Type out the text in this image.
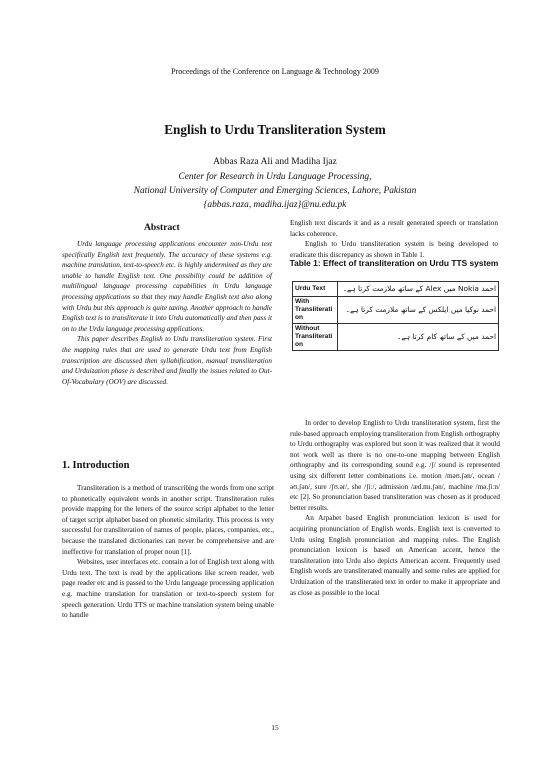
Proceedings of the Conference on Language & Technology 2009
English to Urdu Transliteration System
Abbas Raza Ali and Madiha Ijaz
Center for Research in Urdu Language Processing,
National University of Computer and Emerging Sciences, Lahore, Pakistan
{abbas.raza, madiha.ijaz}@nu.edu.pk
Abstract

Urdu language processing applications encounter non-Urdu text specifically English text frequently. The accuracy of these systems e.g. machine translation, text-to-speech etc. is highly undermined as they are unable to handle English text. One possibility could be addition of multilingual language processing capabilities in Urdu language processing applications so that they may handle English text also along with Urdu but this approach is quite taxing. Another approach to handle English text is to transliterate it into Urdu automatically and then pass it on to the Urdu language processing applications.

This paper describes English to Urdu transliteration system. First the mapping rules that are used to generate Urdu text from English transcription are discussed then syllabification, manual transliteration and Urduization phase is described and finally the issues related to Out-Of-Vocabulary (OOV) are discussed.

1. Introduction

Transliteration is a method of transcribing the words from one script to phonetically equivalent words in another script. Transliteration rules provide mapping for the letters of the source script alphabet to the letter of target script alphabet based on phonetic similarity. This process is very successful for transliteration of names of people, places, companies, etc., because the translated dictionaries can never be comprehensive and are ineffective for translation of proper noun [1].

Websites, user interfaces etc. contain a lot of English text along with Urdu text. The text is read by the applications like screen reader, web page reader etc and is passed to the Urdu language processing application e.g. machine translation for translation or text-to-speech system for speech generation. Urdu TTS or machine translation system being unable to handle

English text discards it and as a result generated speech or translation lacks coherence.

English to Urdu transliteration system is being developed to eradicate this discrepancy as shown in Table 1.

Table 1: Effect of transliteration on Urdu TTS system
Urdu Text	احمد Nokia میں Alex کے ساتھ ملازمت کرتا ہے۔
With Transliterati on	احمد نوکیا میں ایلکس کے ساتھ ملازمت کرتا ہے۔
Without Transliterati on	احمد میں کے ساتھ کام کرتا ہے۔

In order to develop English to Urdu transliteration system, first the rule-based approach employing transliteration from English orthography to Urdu orthography was explored but soon it was realized that it would not work well as there is no one-to-one mapping between English orthography and its corresponding sound e.g. /ʃ/ sound is represented using six different letter combinations i.e. motion /məʊ.ʃən/, ocean /əʊ.ʃən/, sure /ʃʊ.ər/, she /ʃiː/, admission /æd.mɪ.ʃən/, machine /mə.ʃiːn/ etc [2]. So pronunciation based transliteration was chosen as it produced better results.

An Arpabet based English pronunciation lexicon is used for acquiring pronunciation of English words. English text is converted to Urdu using English pronunciation and mapping rules. The English pronunciation lexicon is based on American accent, hence the transliteration into Urdu also depicts American accent. Frequently used English words are transliterated manually and some rules are applied for Urduization of the transliterated text in order to make it appropriate and as close as possible to the local

15
